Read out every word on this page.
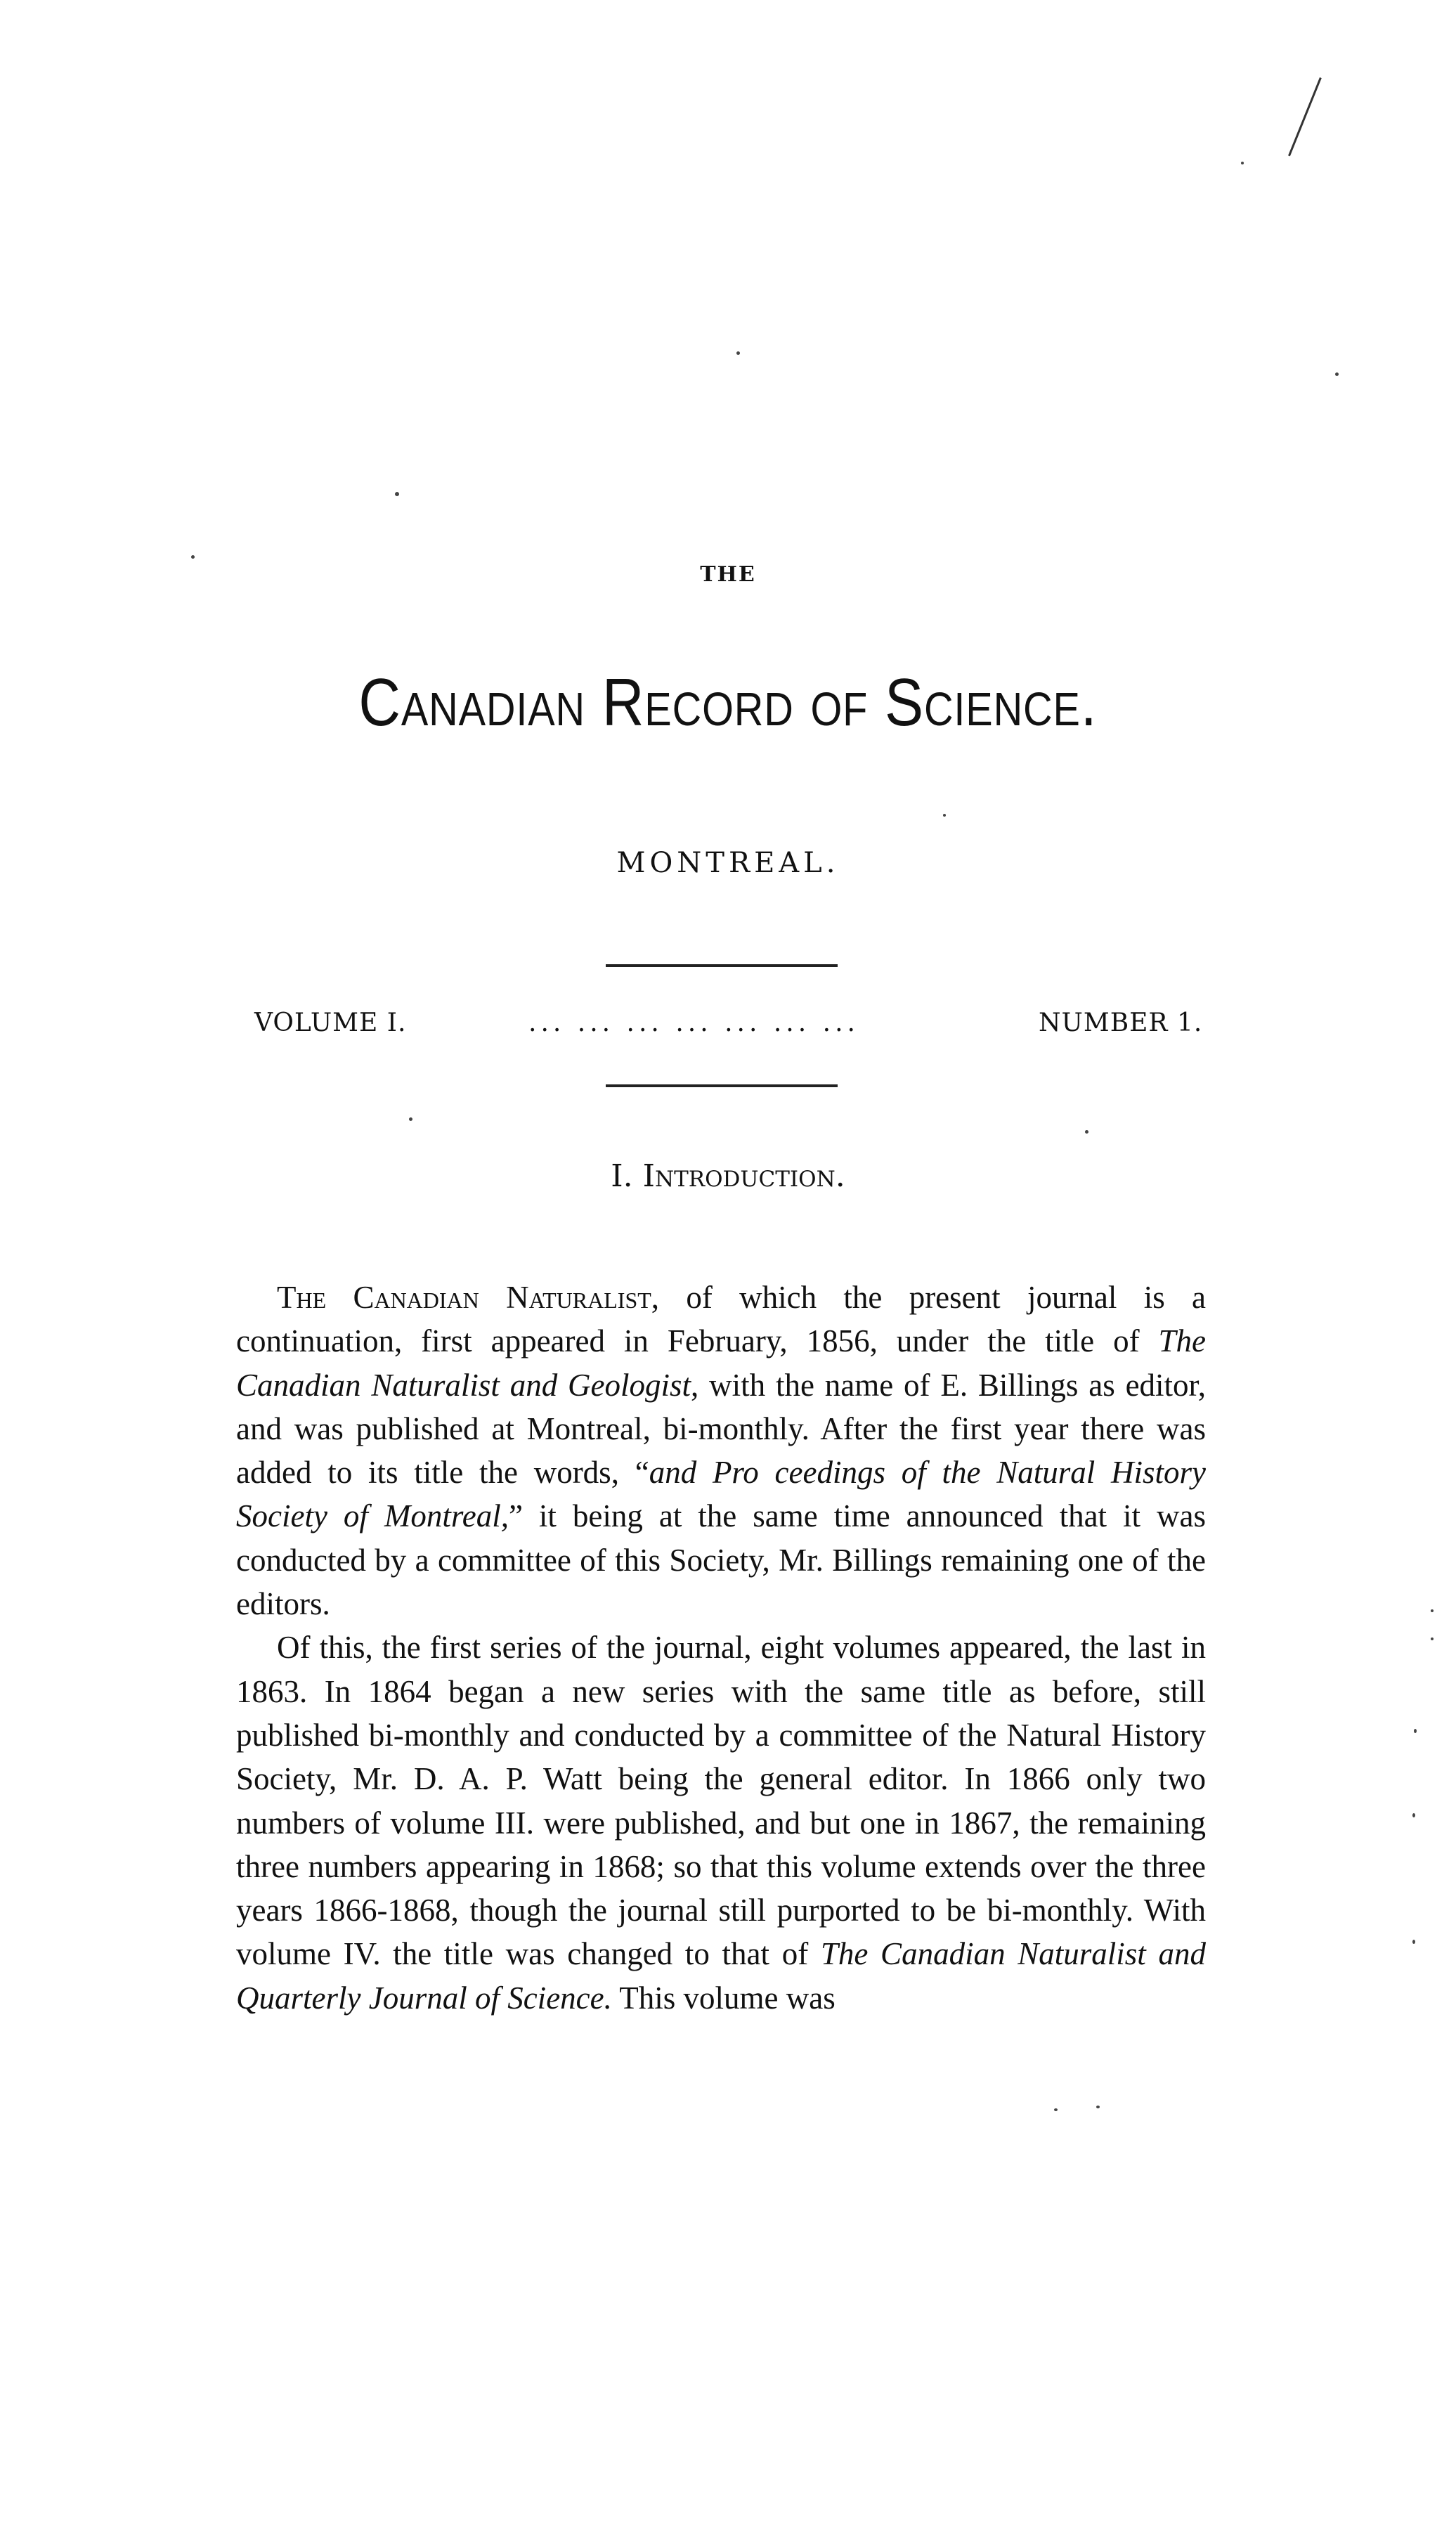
THE
Canadian Record of Science.
MONTREAL.
VOLUME I.	... ... ... ... ... ... ...	NUMBER 1.
I. Introduction.

The Canadian Naturalist, of which the present journal is a continuation, first appeared in February, 1856, under the title of The Canadian Naturalist and Geologist, with the name of E. Billings as editor, and was published at Montreal, bi-monthly. After the first year there was added to its title the words, “and Pro ceedings of the Natural History Society of Montreal,” it being at the same time announced that it was conducted by a committee of this Society, Mr. Billings remaining one of the editors.

Of this, the first series of the journal, eight volumes appeared, the last in 1863. In 1864 began a new series with the same title as before, still published bi-monthly and conducted by a committee of the Natural History Society, Mr. D. A. P. Watt being the general editor. In 1866 only two numbers of volume III. were published, and but one in 1867, the remaining three numbers appearing in 1868; so that this volume extends over the three years 1866-1868, though the journal still purported to be bi-monthly. With volume IV. the title was changed to that of The Canadian Naturalist and Quarterly Journal of Science. This volume was
